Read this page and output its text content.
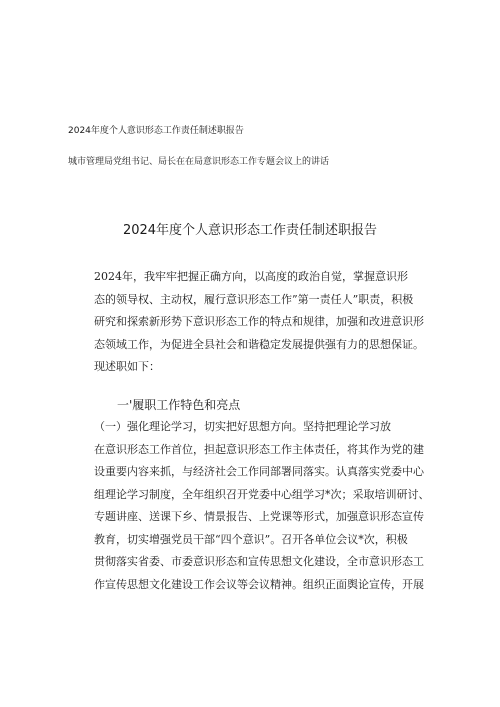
2024年度个人意识形态工作责任制述职报告
城市管理局党组书记、局长在在局意识形态工作专题会议上的讲话
2024年度个人意识形态工作责任制述职报告
2024年，我牢牢把握正确方向，以高度的政治自觉，掌握意识形
态的领导权、主动权，履行意识形态工作”第一责任人”职责，积极
研究和探索新形势下意识形态工作的特点和规律，加强和改进意识形
态领域工作，为促进全县社会和谐稳定发展提供强有力的思想保证。
现述职如下：
一'履职工作特色和亮点
（一）强化理论学习，切实把好思想方向。坚持把理论学习放
在意识形态工作首位，担起意识形态工作主体责任，将其作为党的建
设重要内容来抓，与经济社会工作同部署同落实。认真落实党委中心
组理论学习制度，全年组织召开党委中心组学习*次；采取培训研讨、
专题讲座、送课下乡、情景报告、上党课等形式，加强意识形态宣传
教育，切实增强党员干部“四个意识”。召开各单位会议*次，积极
贯彻落实省委、市委意识形态和宣传思想文化建设，全市意识形态工
作宣传思想文化建设工作会议等会议精神。组织正面舆论宣传，开展
